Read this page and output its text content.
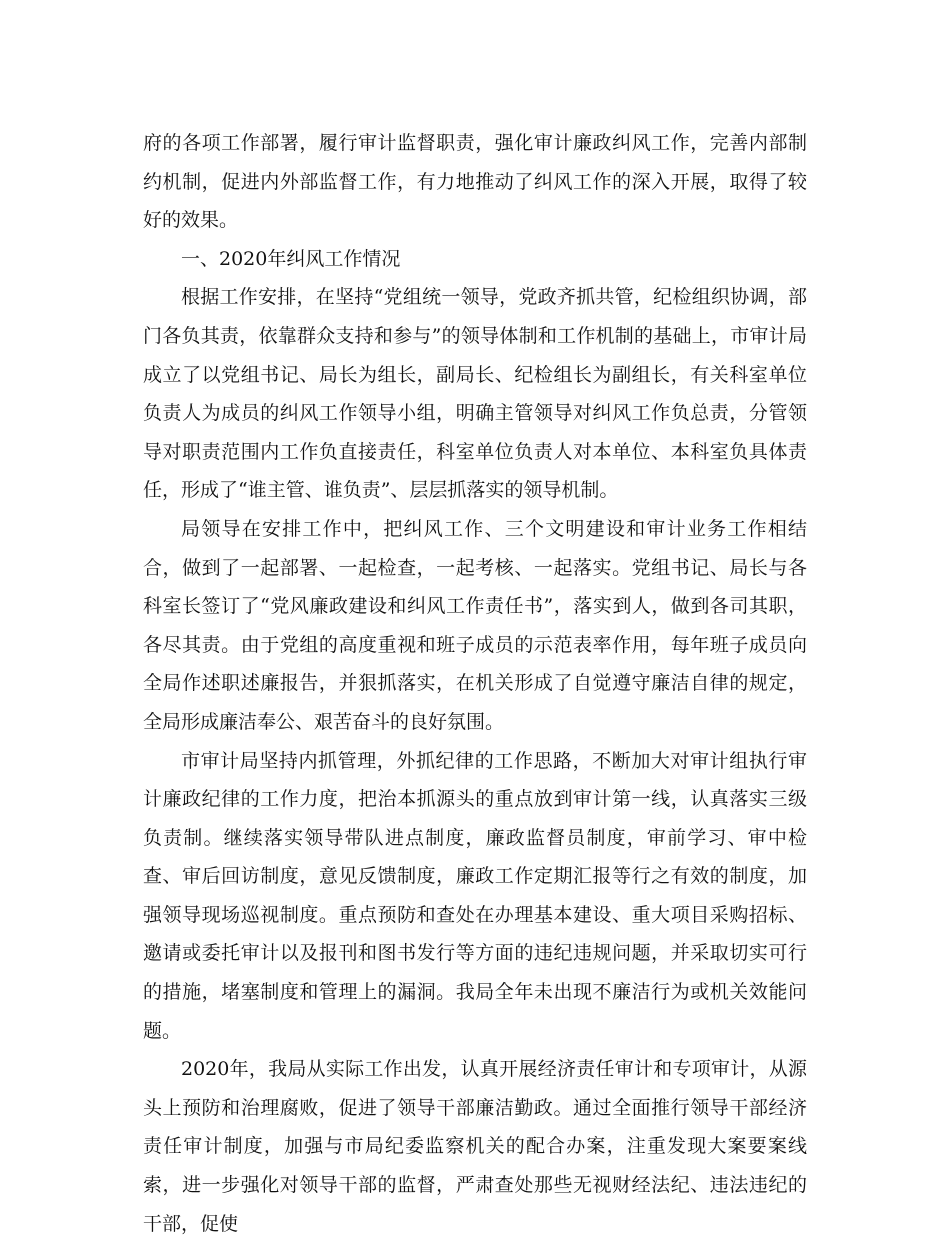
府的各项工作部署，履行审计监督职责，强化审计廉政纠风工作，完善内部制约机制，促进内外部监督工作，有力地推动了纠风工作的深入开展，取得了较好的效果。

一、2020年纠风工作情况

根据工作安排，在坚持“党组统一领导，党政齐抓共管，纪检组织协调，部门各负其责，依靠群众支持和参与”的领导体制和工作机制的基础上，市审计局成立了以党组书记、局长为组长，副局长、纪检组长为副组长，有关科室单位负责人为成员的纠风工作领导小组，明确主管领导对纠风工作负总责，分管领导对职责范围内工作负直接责任，科室单位负责人对本单位、本科室负具体责任，形成了“谁主管、谁负责”、层层抓落实的领导机制。

局领导在安排工作中，把纠风工作、三个文明建设和审计业务工作相结合，做到了一起部署、一起检查，一起考核、一起落实。党组书记、局长与各科室长签订了“党风廉政建设和纠风工作责任书”，落实到人，做到各司其职，各尽其责。由于党组的高度重视和班子成员的示范表率作用，每年班子成员向全局作述职述廉报告，并狠抓落实，在机关形成了自觉遵守廉洁自律的规定，全局形成廉洁奉公、艰苦奋斗的良好氛围。

市审计局坚持内抓管理，外抓纪律的工作思路，不断加大对审计组执行审计廉政纪律的工作力度，把治本抓源头的重点放到审计第一线，认真落实三级负责制。继续落实领导带队进点制度，廉政监督员制度，审前学习、审中检查、审后回访制度，意见反馈制度，廉政工作定期汇报等行之有效的制度，加强领导现场巡视制度。重点预防和查处在办理基本建设、重大项目采购招标、邀请或委托审计以及报刊和图书发行等方面的违纪违规问题，并采取切实可行的措施，堵塞制度和管理上的漏洞。我局全年未出现不廉洁行为或机关效能问题。

2020年，我局从实际工作出发，认真开展经济责任审计和专项审计，从源头上预防和治理腐败，促进了领导干部廉洁勤政。通过全面推行领导干部经济责任审计制度，加强与市局纪委监察机关的配合办案，注重发现大案要案线索，进一步强化对领导干部的监督，严肃查处那些无视财经法纪、违法违纪的干部，促使
